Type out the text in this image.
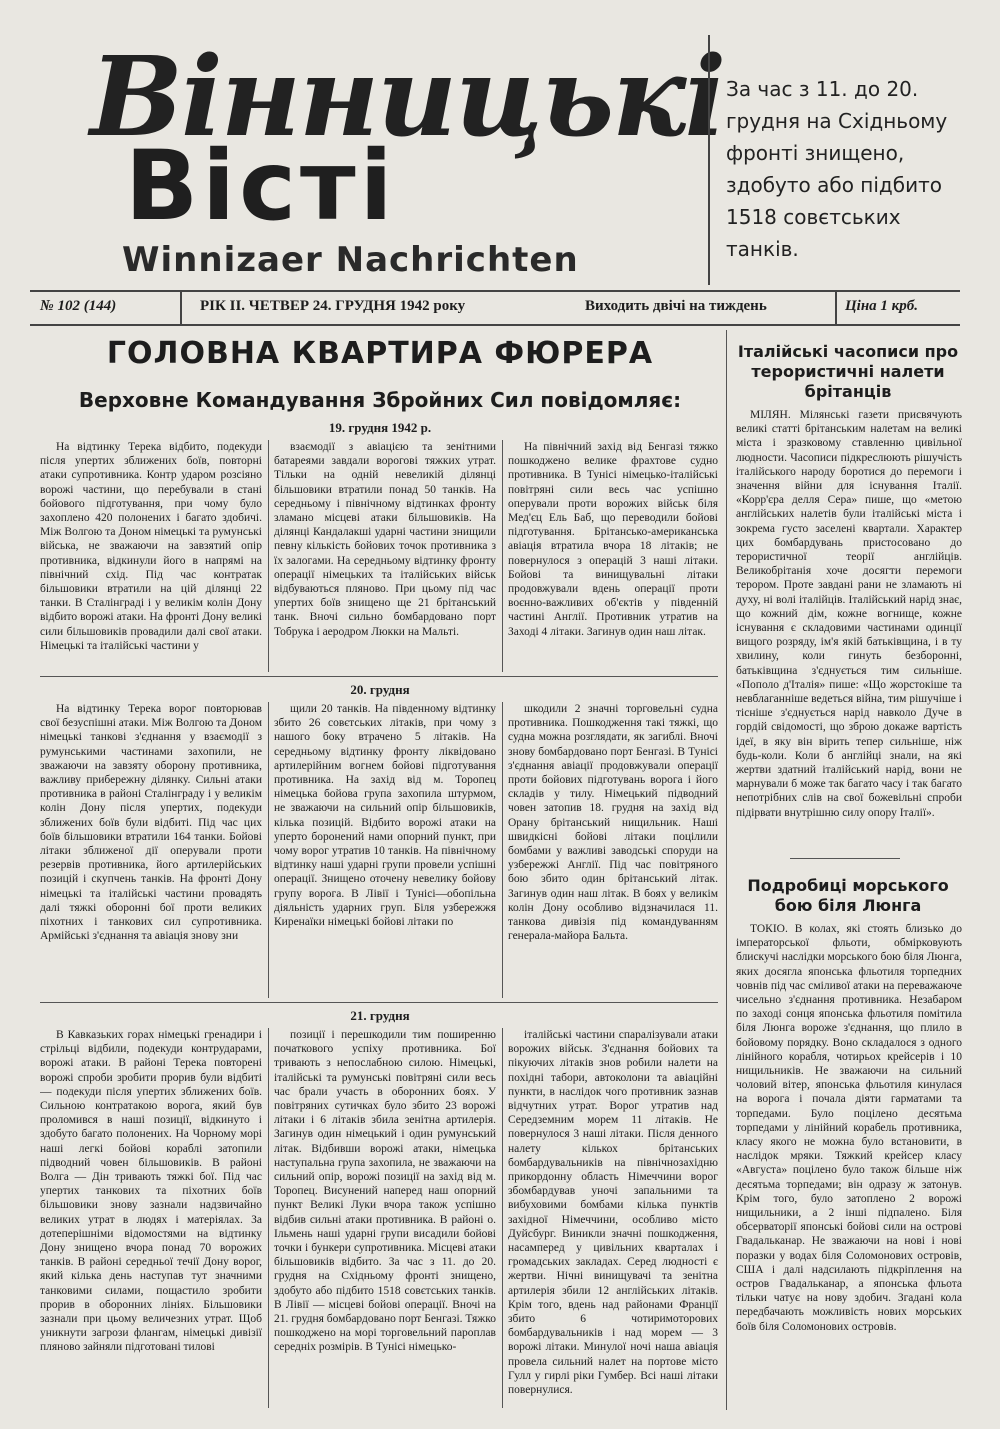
Вінницькі
Вісті
Winnizaer Nachrichten

За час з 11. до 20. грудня на Східньому фронті знищено, здобуто або підбито 1518 совєтських танків.

№ 102 (144)	РІК II. ЧЕТВЕР 24. ГРУДНЯ 1942 року	Виходить двічі на тиждень	Ціна 1 крб.
ГОЛОВНА КВАРТИРА ФЮРЕРА
Верховне Командування Збройних Сил повідомляє:
19. грудня 1942 р.

На відтинку Терека відбито, подекуди після упертих зближених боїв, повторні атаки супротивника. Контр ударом розсіяно ворожі частини, що перебували в стані бойового підготування, при чому було захоплено 420 полонених і багато здобичі. Між Волгою та Доном німецькі та румунські війська, не зважаючи на завзятий опір противника, відкинули його в напрямі на північний схід. Під час контратак більшовики втратили на цій ділянці 22 танки. В Сталінграді і у великім колін Дону відбито ворожі атаки. На фронті Дону великі сили більшовиків провадили далі свої атаки. Німецькі та італійські частини у

взаємодії з авіацією та зенітними батареями завдали ворогові тяжких утрат. Тільки на одній невеликій ділянці більшовики втратили понад 50 танків. На середньому і північному відтинках фронту зламано місцеві атаки більшовиків. На ділянці Кандалакші ударні частини знищили певну кількість бойових точок противника з їх залогами. На середньому відтинку фронту операції німецьких та італійських військ відбуваються пляново. При цьому під час упертих боїв знищено ще 21 брітанський танк. Вночі сильно бомбардовано порт Тобрука і аеродром Люкки на Мальті.

На північний захід від Бенгазі тяжко пошкоджено велике фрахтове судно противника. В Тунісі німецько-італійські повітряні сили весь час успішно оперували проти ворожих військ біля Мед'єц Ель Баб, що переводили бойові підготування. Брітансько-американська авіація втратила вчора 18 літаків; не повернулося з операцій 3 наші літаки. Бойові та винищувальні літаки продовжували вдень операції проти воєнно-важливих об'єктів у південній частині Англії. Противник утратив на Заході 4 літаки. Загинув один наш літак.

20. грудня

На відтинку Терека ворог повторював свої безуспішні атаки. Між Волгою та Доном німецькі танкові з'єднання у взаємодії з румунськими частинами захопили, не зважаючи на завзяту оборону противника, важливу прибережну ділянку. Сильні атаки противника в районі Сталінграду і у великім колін Дону після упертих, подекуди зближених боїв були відбиті. Під час цих боїв більшовики втратили 164 танки. Бойові літаки зближеної дії оперували проти резервів противника, його артилерійських позицій і скупчень танків. На фронті Дону німецькі та італійські частини провадять далі тяжкі оборонні бої проти великих піхотних і танкових сил супротивника. Армійські з'єднання та авіація знову зни

щили 20 танків. На південному відтинку збито 26 совєтських літаків, при чому з нашого боку втрачено 5 літаків. На середньому відтинку фронту ліквідовано артилерійним вогнем бойові підготування противника. На захід від м. Торопец німецька бойова група захопила штурмом, не зважаючи на сильний опір більшовиків, кілька позицій. Відбито ворожі атаки на уперто боронений нами опорний пункт, при чому ворог утратив 10 танків. На північному відтинку наші ударні групи провели успішні операції. Знищено оточену невелику бойову групу ворога. В Лівії і Тунісі—обопільна діяльність ударних груп. Біля узбережжя Киренаїки німецькі бойові літаки по

шкодили 2 значні торговельні судна противника. Пошкодження такі тяжкі, що судна можна розглядати, як загиблі. Вночі знову бомбардовано порт Бенгазі. В Тунісі з'єднання авіації продовжували операції проти бойових підготувань ворога і його складів у тилу. Німецький підводний човен затопив 18. грудня на захід від Орану брітанський нищильник. Наші швидкісні бойові літаки поцілили бомбами у важливі заводські споруди на узбережжі Англії. Під час повітряного бою збито один брітанський літак. Загинув один наш літак. В боях у великім колін Дону особливо відзначилася 11. танкова дивізія під командуванням генерала-майора Бальта.

21. грудня

В Кавказьких горах німецькі гренадири і стрільці відбили, подекуди контрударами, ворожі атаки. В районі Терека повторені ворожі спроби зробити прорив були відбиті — подекуди після упертих зближених боїв. Сильною контратакою ворога, який був проломився в наші позиції, відкинуто і здобуто багато полонених. На Чорному морі наші легкі бойові кораблі затопили підводний човен більшовиків. В районі Волга — Дін тривають тяжкі бої. Під час упертих танкових та піхотних боїв більшовики знову зазнали надзвичайно великих утрат в людях і матеріялах. За дотеперішніми відомостями на відтинку Дону знищено вчора понад 70 ворожих танків. В районі середньої течії Дону ворог, який кілька день наступав тут значними танковими силами, пощастило зробити прорив в оборонних лініях. Більшовики зазнали при цьому величезних утрат. Щоб уникнути загрози флангам, німецькі дивізії пляново зайняли підготовані тилові

позиції і перешкодили тим поширенню початкового успіху противника. Бої тривають з непослабною силою. Німецькі, італійські та румунські повітряні сили весь час брали участь в оборонних боях. У повітряних сутичках було збито 23 ворожі літаки і 6 літаків збила зенітна артилерія. Загинув один німецький і один румунський літак. Відбивши ворожі атаки, німецька наступальна група захопила, не зважаючи на сильний опір, ворожі позиції на захід від м. Торопец. Висунений наперед наш опорний пункт Великі Луки вчора також успішно відбив сильні атаки противника. В районі о. Ільмень наші ударні групи висадили бойові точки і бункери супротивника. Місцеві атаки більшовиків відбито. За час з 11. до 20. грудня на Східньому фронті знищено, здобуто або підбито 1518 совєтських танків. В Лівії — місцеві бойові операції. Вночі на 21. грудня бомбардовано порт Бенгазі. Тяжко пошкоджено на морі торговельний пароплав середніх розмірів. В Тунісі німецько-

італійські частини спаралізували атаки ворожих військ. З'єднання бойових та пікуючих літаків знов робили налети на похідні табори, автоколони та авіаційні пункти, в наслідок чого противник зазнав відчутних утрат. Ворог утратив над Середземним морем 11 літаків. Не повернулося 3 наші літаки. Після денного налету кількох брітанських бомбардувальників на північнозахідню прикордонну область Німеччини ворог збомбардував уночі запальними та вибуховими бомбами кілька пунктів західної Німеччини, особливо місто Дуйсбург. Виникли значні пошкодження, насамперед у цивільних кварталах і громадських закладах. Серед людності є жертви. Нічні винищувачі та зенітна артилерія збили 12 англійських літаків. Крім того, вдень над районами Франції збито 6 чотиримоторових бомбардувальників і над морем — 3 ворожі літаки. Минулої ночі наша авіація провела сильний налет на портове місто Гулл у гирлі ріки Гумбер. Всі наші літаки повернулися.

Італійські часописи про терористичні налети брітанців

МІЛЯН. Мілянські газети присвячують великі статті брітанським налетам на великі міста і зразковому ставленню цивільної людности. Часописи підкреслюють рішучість італійського народу боротися до перемоги і значення війни для існування Італії. «Корр'єра делля Сера» пише, що «метою англійських налетів були італійські міста і зокрема густо заселені квартали. Характер цих бомбардувань пристосовано до терористичної теорії англійців. Великобрітанія хоче досягти перемоги терором. Проте завдані рани не зламають ні духу, ні волі італійців. Італійський нарід знає, що кожний дім, кожне вогнище, кожне існування є складовими частинами одинції вищого розряду, ім'я якій батьківщина, і в ту хвилину, коли гинуть безборонні, батьківщина з'єднується тим сильніше. «Пополо д'Італія» пише: «Що жорстокіше та невблаганніше ведеться війна, тим рішучіше і тісніше з'єднується нарід навколо Дуче в гордій свідомості, що зброю докаже вартість ідеї, в яку він вірить тепер сильніше, ніж будь-коли. Коли б англійці знали, на які жертви здатний італійський нарід, вони не марнували б може так багато часу і так багато непотрібних слів на свої божевільні спроби підірвати внутрішню силу опору Італії».

Подробиці морського бою біля Люнга

ТОКІО. В колах, які стоять близько до імператорської фльоти, обмірковують блискучі наслідки морського бою біля Люнга, яких досягла японська фльотиля торпедних човнів під час сміливої атаки на переважаюче чисельно з'єднання противника. Незабаром по заході сонця японська фльотиля помітила біля Люнга вороже з'єднання, що плило в бойовому порядку. Воно складалося з одного лінійного корабля, чотирьох крейсерів і 10 нищильників. Не зважаючи на сильний чоловий вітер, японська фльотиля кинулася на ворога і почала діяти гарматами та торпедами. Було поцілено десятьма торпедами у лінійний корабель противника, класу якого не можна було встановити, в наслідок мряки. Тяжкий крейсер класу «Августа» поцілено було також більше ніж десятьма торпедами; він одразу ж затонув. Крім того, було затоплено 2 ворожі нищильники, а 2 інші підпалено. Біля обсерваторії японські бойові сили на острові Гвадальканар. Не зважаючи на нові і нові поразки у водах біля Соломонових островів, США і далі надсилають підкріплення на остров Гвадальканар, а японська фльота тільки чатує на нову здобич. Згадані кола передбачають можливість нових морських боїв біля Соломонових островів.
